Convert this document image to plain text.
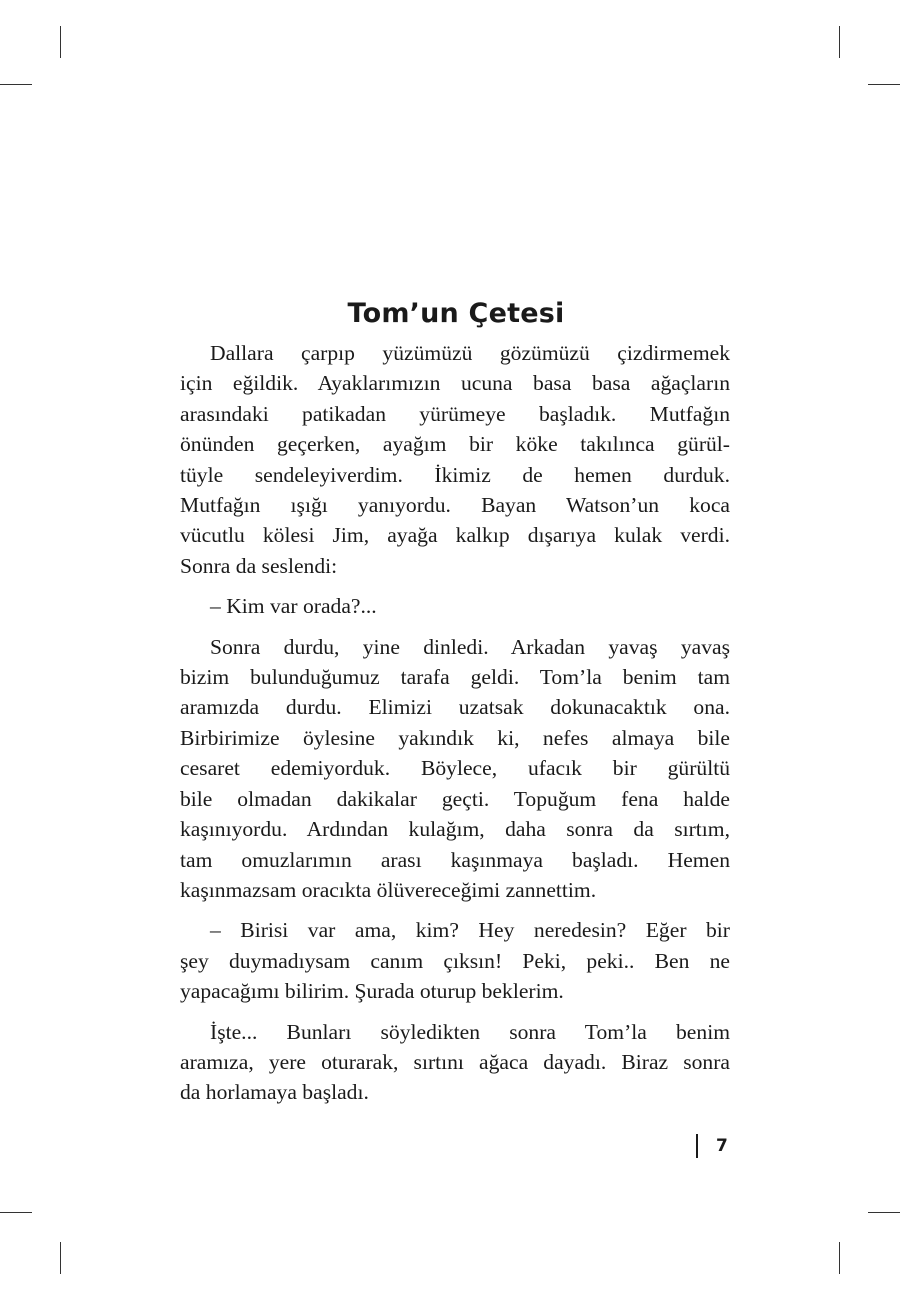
Tom’un Çetesi

Dallara çarpıp yüzümüzü gözümüzü çizdirmemek
için eğildik. Ayaklarımızın ucuna basa basa ağaçların
arasındaki patikadan yürümeye başladık. Mutfağın
önünden geçerken, ayağım bir köke takılınca gürül-
tüyle sendeleyiverdim. İkimiz de hemen durduk.
Mutfağın ışığı yanıyordu. Bayan Watson’un koca
vücutlu kölesi Jim, ayağa kalkıp dışarıya kulak verdi.
Sonra da seslendi:

– Kim var orada?...

Sonra durdu, yine dinledi. Arkadan yavaş yavaş
bizim bulunduğumuz tarafa geldi. Tom’la benim tam
aramızda durdu. Elimizi uzatsak dokunacaktık ona.
Birbirimize öylesine yakındık ki, nefes almaya bile
cesaret edemiyorduk. Böylece, ufacık bir gürültü
bile olmadan dakikalar geçti. Topuğum fena halde
kaşınıyordu. Ardından kulağım, daha sonra da sırtım,
tam omuzlarımın arası kaşınmaya başladı. Hemen
kaşınmazsam oracıkta ölüvereceğimi zannettim.

– Birisi var ama, kim? Hey neredesin? Eğer bir
şey duymadıysam canım çıksın! Peki, peki.. Ben ne
yapacağımı bilirim. Şurada oturup beklerim.

İşte... Bunları söyledikten sonra Tom’la benim
aramıza, yere oturarak, sırtını ağaca dayadı. Biraz sonra
da horlamaya başladı.

7
